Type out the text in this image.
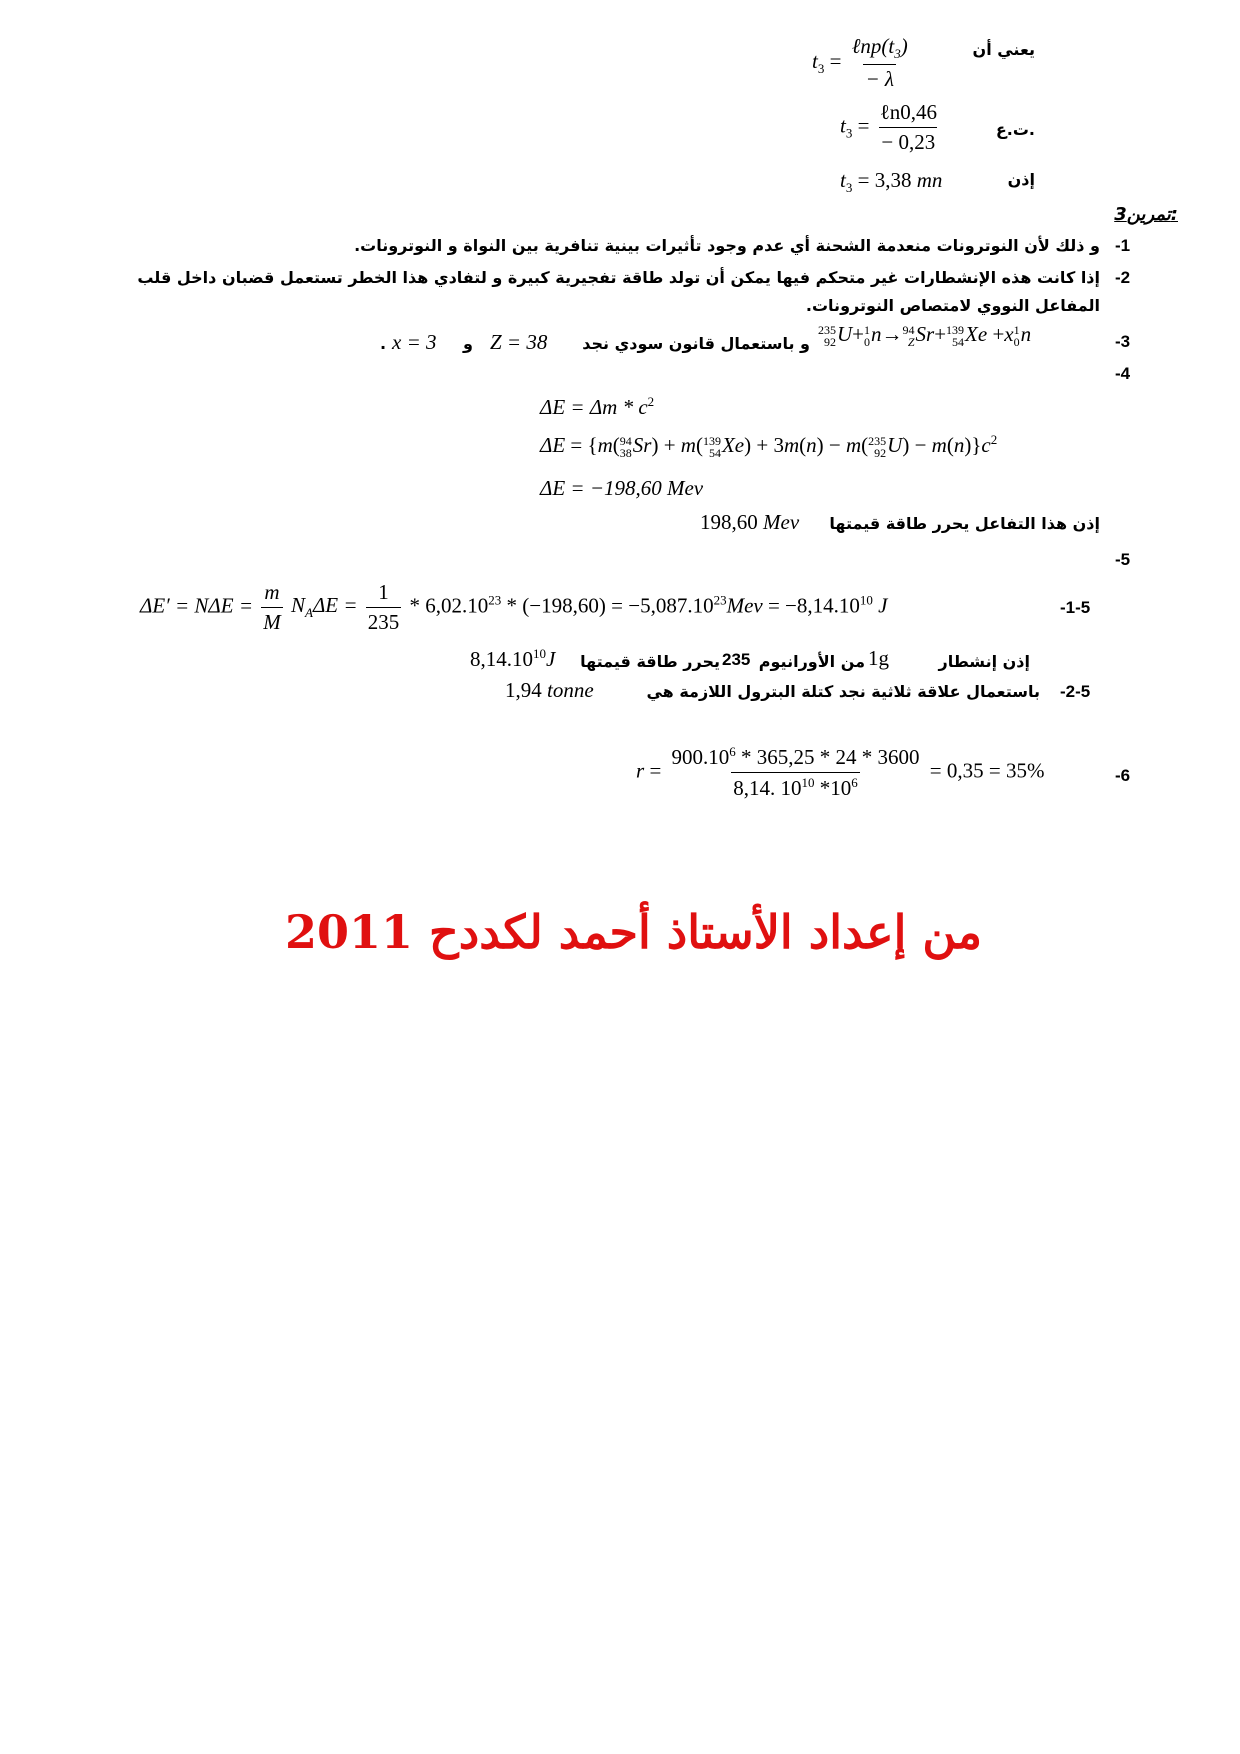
يعني أن
$t_3 = \frac{\ell np(t_3)}{- \lambda}$
ت.ع.
$t_3 = \frac{\text{ℓn0,46}}{- 0,23}$
إذن
$t_3 = 3,38$ mn
تمرين3:
-1
و ذلك لأن النوترونات منعدمة الشحنة أي عدم وجود تأثيرات بينية تنافرية بين النواة و النوترونات.
-2
إذا كانت هذه الإنشطارات غير متحكم فيها يمكن أن تولد طاقة تفجيرية كبيرة و لتفادي هذا الخطر تستعمل قضبان داخل قلب
المفاعل النووي لامتصاص النوترونات.
-3
235
92 U+ 1
0 n→ 94
Z Sr+ 139
54 Xe +x 1
0 n
و باستعمال قانون سودي نجد
Z = 38
و
x = 3
.
-4
$\Delta E = \Delta m * c^2$
ΔE = {m( 94
38 Sr) + m( 139
54 Xe) + 3m(n) − m( 235
92 $U) - m(n)\}c^2$
ΔE = −198,60 Mev
إذن هذا التفاعل يحرر طاقة قيمتها
198,60 Mev
-5
-1-5
$\Delta E' = N\Delta E = \frac{m}{M} N_A\Delta E = \frac{1}{235} * 6,02.10^{23} * (-198,60) = -5,087.10^{23}Mev = -8,14.10^{10}$ J
إذن إنشطار
1g
من الأورانيوم
235
يحرر طاقة قيمتها
8,14.10$^{10}$J
-2-5
باستعمال علاقة ثلاثية نجد كتلة البترول اللازمة هي
1,94 tonne
-6
$r = \frac{900.10^6 * 365,25 * 24 * 3600}{8,14. 10^{10} *10^6} = 0,35 = 35\%$
من إعداد الأستاذ أحمد لكددح 2011
